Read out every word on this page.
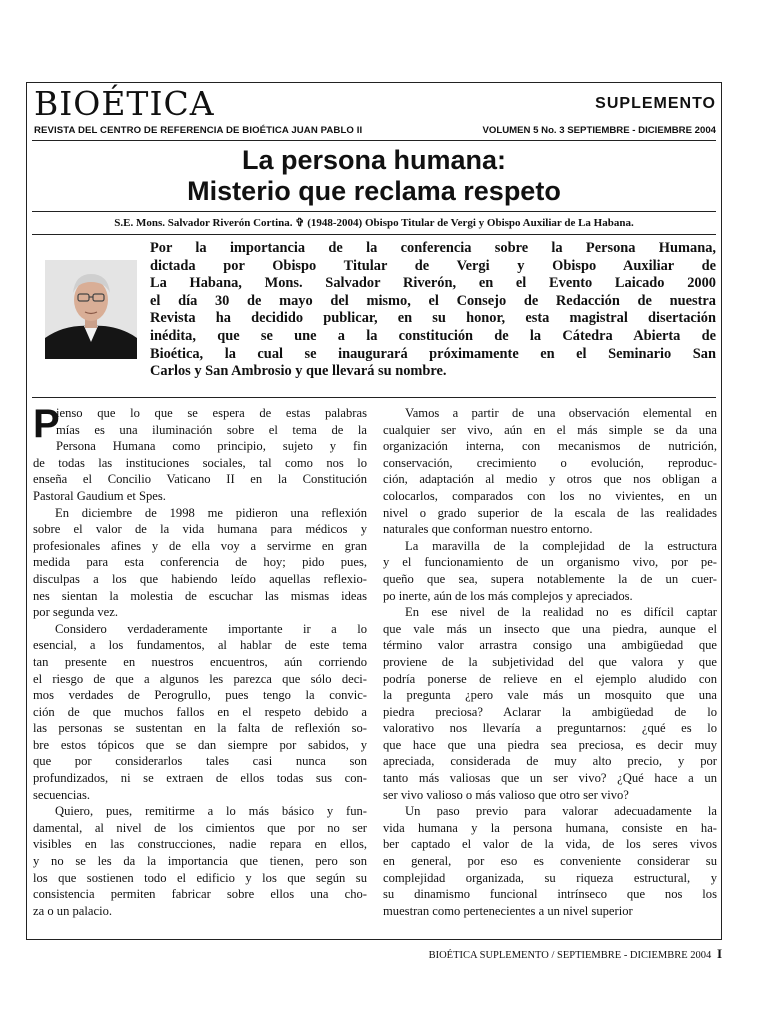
BIOÉTICA
REVISTA DEL CENTRO DE REFERENCIA DE BIOÉTICA JUAN PABLO II
SUPLEMENTO
VOLUMEN 5 No. 3 SEPTIEMBRE - DICIEMBRE 2004
La persona humana:
Misterio que reclama respeto
S.E. Mons. Salvador Riverón Cortina. ✞ (1948-2004) Obispo Titular de Vergi y Obispo Auxiliar de La Habana.
Por la importancia de la conferencia sobre la Persona Humana,
dictada por Obispo Titular de Vergi y Obispo Auxiliar de
La Habana, Mons. Salvador Riverón, en el Evento Laicado 2000
el día 30 de mayo del mismo, el Consejo de Redacción de nuestra
Revista ha decidido publicar, en su honor, esta magistral disertación
inédita, que se une a la constitución de la Cátedra Abierta de
Bioética, la cual se inaugurará próximamente en el Seminario San
Carlos y San Ambrosio y que llevará su nombre.
P
ienso que lo que se espera de estas palabras
mías es una iluminación sobre el tema de la
Persona Humana como principio, sujeto y fin
de todas las instituciones sociales, tal como nos lo
enseña el Concilio Vaticano II en la Constitución
Pastoral Gaudium et Spes.
En diciembre de 1998 me pidieron una reflexión
sobre el valor de la vida humana para médicos y
profesionales afines y de ella voy a servirme en gran
medida para esta conferencia de hoy; pido pues,
disculpas a los que habiendo leído aquellas reflexio-
nes sientan la molestia de escuchar las mismas ideas
por segunda vez.
Considero verdaderamente importante ir a lo
esencial, a los fundamentos, al hablar de este tema
tan presente en nuestros encuentros, aún corriendo
el riesgo de que a algunos les parezca que sólo deci-
mos verdades de Perogrullo, pues tengo la convic-
ción de que muchos fallos en el respeto debido a
las personas se sustentan en la falta de reflexión so-
bre estos tópicos que se dan siempre por sabidos, y
que por considerarlos tales casi nunca son
profundizados, ni se extraen de ellos todas sus con-
secuencias.
Quiero, pues, remitirme a lo más básico y fun-
damental, al nivel de los cimientos que por no ser
visibles en las construcciones, nadie repara en ellos,
y no se les da la importancia que tienen, pero son
los que sostienen todo el edificio y los que según su
consistencia permiten fabricar sobre ellos una cho-
za o un palacio.
Vamos a partir de una observación elemental en
cualquier ser vivo, aún en el más simple se da una
organización interna, con mecanismos de nutrición,
conservación, crecimiento o evolución, reproduc-
ción, adaptación al medio y otros que nos obligan a
colocarlos, comparados con los no vivientes, en un
nivel o grado superior de la escala de las realidades
naturales que conforman nuestro entorno.
La maravilla de la complejidad de la estructura
y el funcionamiento de un organismo vivo, por pe-
queño que sea, supera notablemente la de un cuer-
po inerte, aún de los más complejos y apreciados.
En ese nivel de la realidad no es difícil captar
que vale más un insecto que una piedra, aunque el
término valor arrastra consigo una ambigüedad que
proviene de la subjetividad del que valora y que
podría ponerse de relieve en el ejemplo aludido con
la pregunta ¿pero vale más un mosquito que una
piedra preciosa? Aclarar la ambigüedad de lo
valorativo nos llevaría a preguntarnos: ¿qué es lo
que hace que una piedra sea preciosa, es decir muy
apreciada, considerada de muy alto precio, y por
tanto más valiosas que un ser vivo? ¿Qué hace a un
ser vivo valioso o más valioso que otro ser vivo?
Un paso previo para valorar adecuadamente la
vida humana y la persona humana, consiste en ha-
ber captado el valor de la vida, de los seres vivos
en general, por eso es conveniente considerar su
complejidad organizada, su riqueza estructural, y
su dinamismo funcional intrínseco que nos los
muestran como pertenecientes a un nivel superior
BIOÉTICA SUPLEMENTO / SEPTIEMBRE - DICIEMBRE 2004 I
